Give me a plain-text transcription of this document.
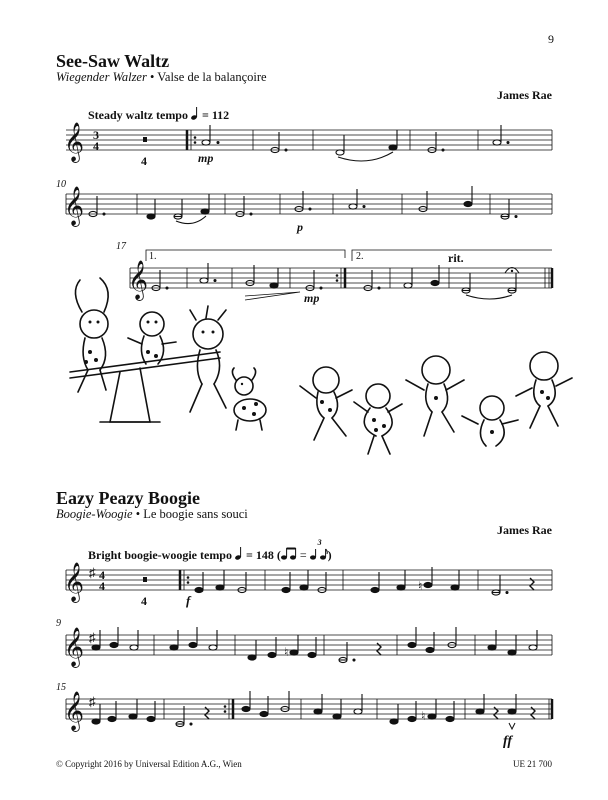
9
See-Saw Waltz
Wiegender Walzer • Valse de la balançoire
James Rae
Steady waltz tempo = 112
𝄞 3
4
4	mp
10
𝄞
p
17
1.	2.	rit.
𝄞	mp
Eazy Peazy Boogie
Boogie-Woogie • Le boogie sans souci
James Rae
Bright boogie-woogie tempo = 148 ( =
3
)
𝄞 ♯ 4
4
4
♮
f
9
𝄞 ♯
♮
15
𝄞 ♯
♮
ff
© Copyright 2016 by Universal Edition A.G., Wien	UE 21 700
